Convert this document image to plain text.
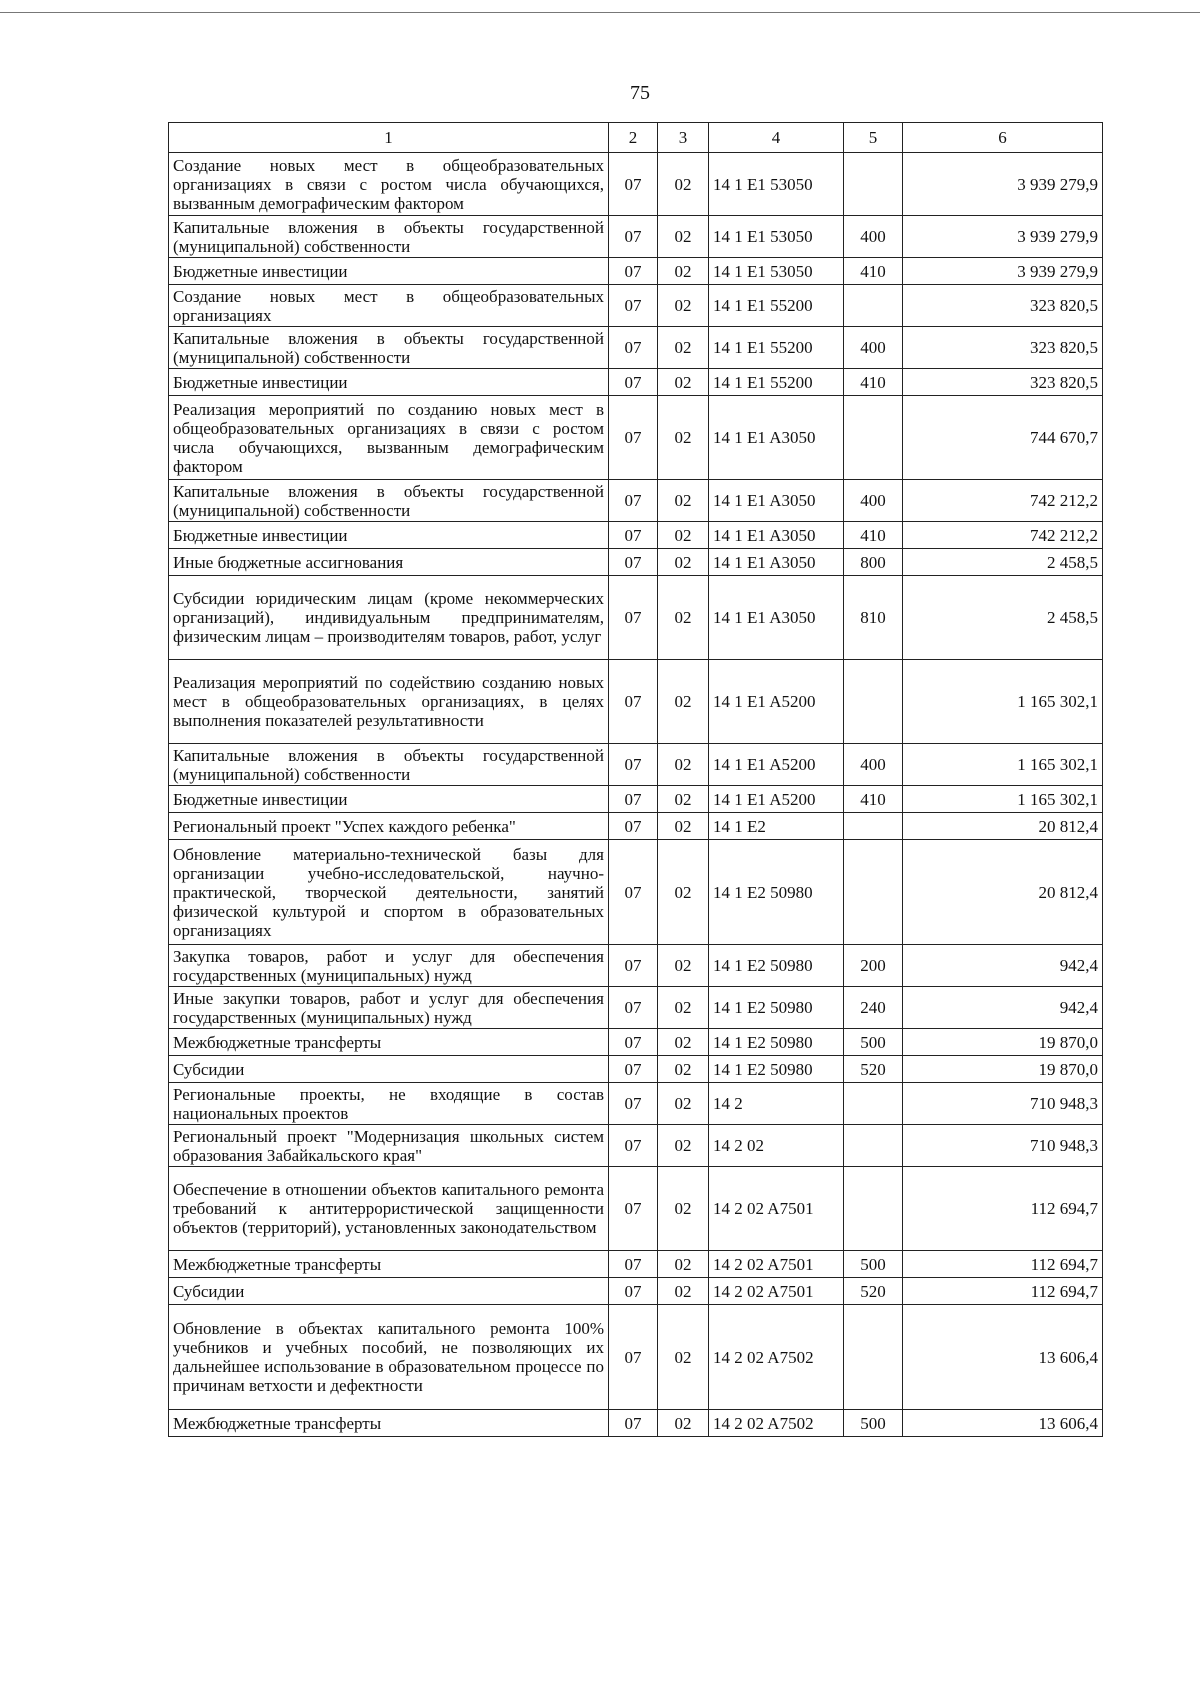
75
1	2	3	4	5	6
Создание новых мест в общеобразовательных организациях в связи с ростом числа обучающихся, вызванным демографическим фактором	07	02	14 1 E1 53050		3 939 279,9
Капитальные вложения в объекты государственной (муниципальной) собственности	07	02	14 1 E1 53050	400	3 939 279,9
Бюджетные инвестиции	07	02	14 1 E1 53050	410	3 939 279,9
Создание новых мест в общеобразовательных организациях	07	02	14 1 E1 55200		323 820,5
Капитальные вложения в объекты государственной (муниципальной) собственности	07	02	14 1 E1 55200	400	323 820,5
Бюджетные инвестиции	07	02	14 1 E1 55200	410	323 820,5
Реализация мероприятий по созданию новых мест в общеобразовательных организациях в связи с ростом числа обучающихся, вызванным демографическим фактором	07	02	14 1 E1 A3050		744 670,7
Капитальные вложения в объекты государственной (муниципальной) собственности	07	02	14 1 E1 A3050	400	742 212,2
Бюджетные инвестиции	07	02	14 1 E1 A3050	410	742 212,2
Иные бюджетные ассигнования	07	02	14 1 E1 A3050	800	2 458,5
Субсидии юридическим лицам (кроме некоммерческих организаций), индивидуальным предпринимателям, физическим лицам – производителям товаров, работ, услуг	07	02	14 1 E1 A3050	810	2 458,5
Реализация мероприятий по содействию созданию новых мест в общеобразовательных организациях, в целях выполнения показателей результативности	07	02	14 1 E1 A5200		1 165 302,1
Капитальные вложения в объекты государственной (муниципальной) собственности	07	02	14 1 E1 A5200	400	1 165 302,1
Бюджетные инвестиции	07	02	14 1 E1 A5200	410	1 165 302,1
Региональный проект "Успех каждого ребенка"	07	02	14 1 E2		20 812,4
Обновление материально-технической базы для организации учебно-исследовательской, научно-практической, творческой деятельности, занятий физической культурой и спортом в образовательных организациях	07	02	14 1 E2 50980		20 812,4
Закупка товаров, работ и услуг для обеспечения государственных (муниципальных) нужд	07	02	14 1 E2 50980	200	942,4
Иные закупки товаров, работ и услуг для обеспечения государственных (муниципальных) нужд	07	02	14 1 E2 50980	240	942,4
Межбюджетные трансферты	07	02	14 1 E2 50980	500	19 870,0
Субсидии	07	02	14 1 E2 50980	520	19 870,0
Региональные проекты, не входящие в состав национальных проектов	07	02	14 2		710 948,3
Региональный проект "Модернизация школьных систем образования Забайкальского края"	07	02	14 2 02		710 948,3
Обеспечение в отношении объектов капитального ремонта требований к антитеррористической защищенности объектов (территорий), установленных законодательством	07	02	14 2 02 A7501		112 694,7
Межбюджетные трансферты	07	02	14 2 02 A7501	500	112 694,7
Субсидии	07	02	14 2 02 A7501	520	112 694,7
Обновление в объектах капитального ремонта 100% учебников и учебных пособий, не позволяющих их дальнейшее использование в образовательном процессе по причинам ветхости и дефектности	07	02	14 2 02 A7502		13 606,4
Межбюджетные трансферты	07	02	14 2 02 A7502	500	13 606,4
